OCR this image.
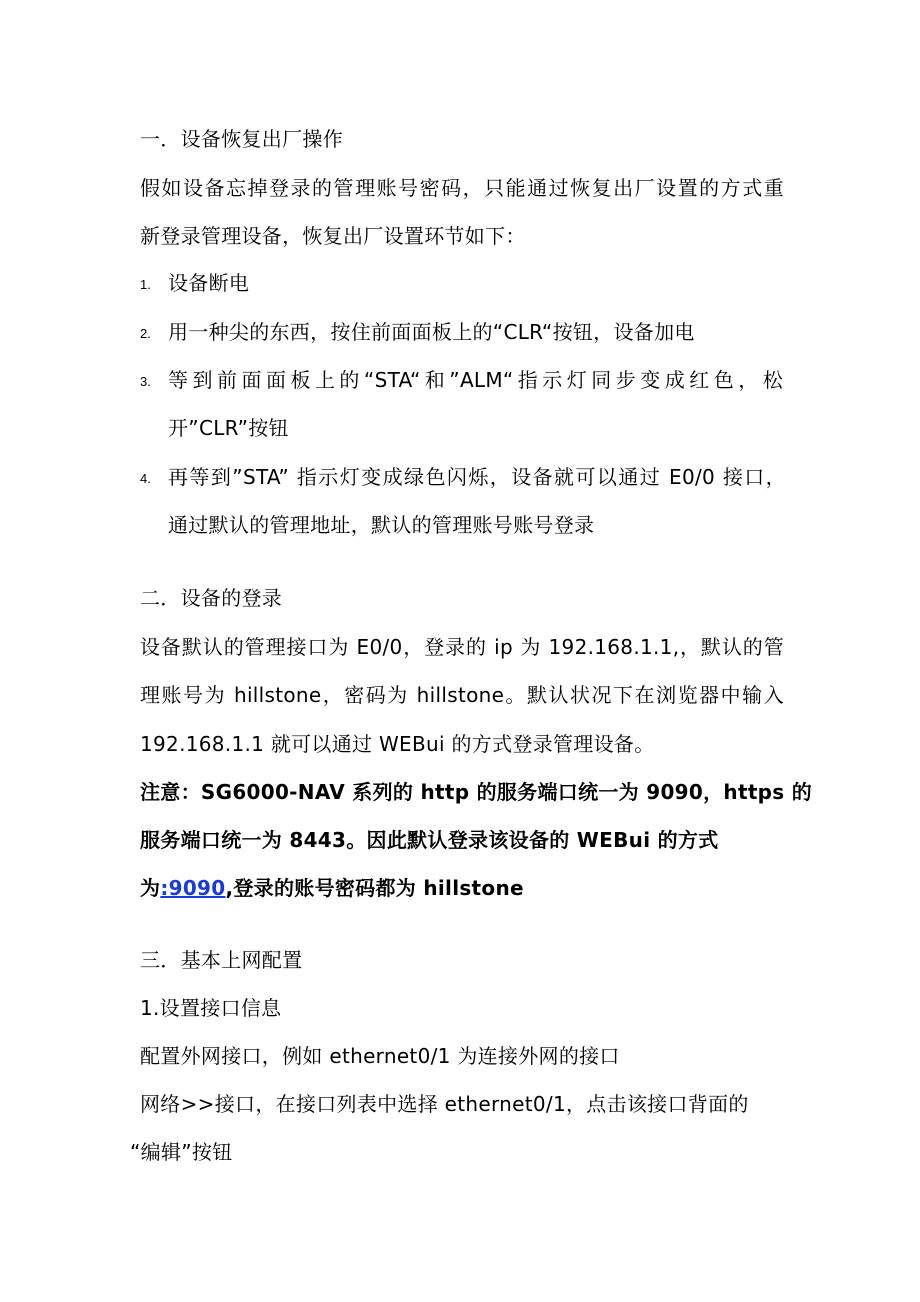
一．设备恢复出厂操作
假如设备忘掉登录的管理账号密码，只能通过恢复出厂设置的方式重
新登录管理设备，恢复出厂设置环节如下：
1. 设备断电
2. 用一种尖的东西，按住前面面板上的“CLR“按钮，设备加电
3. 等到前面面板上的“STA“和”ALM“指示灯同步变成红色，松
开”CLR”按钮
4. 再等到”STA” 指示灯变成绿色闪烁，设备就可以通过 E0/0 接口，
通过默认的管理地址，默认的管理账号账号登录
二．设备的登录
设备默认的管理接口为 E0/0，登录的 ip 为 192.168.1.1,，默认的管
理账号为 hillstone，密码为 hillstone。默认状况下在浏览器中输入
192.168.1.1 就可以通过 WEBui 的方式登录管理设备。
注意：SG6000-NAV 系列的 http 的服务端口统一为 9090，https 的
服务端口统一为 8443。因此默认登录该设备的 WEBui 的方式
为:9090,登录的账号密码都为 hillstone
三．基本上网配置
1.设置接口信息
配置外网接口，例如 ethernet0/1 为连接外网的接口
网络>>接口，在接口列表中选择 ethernet0/1，点击该接口背面的
“编辑”按钮
